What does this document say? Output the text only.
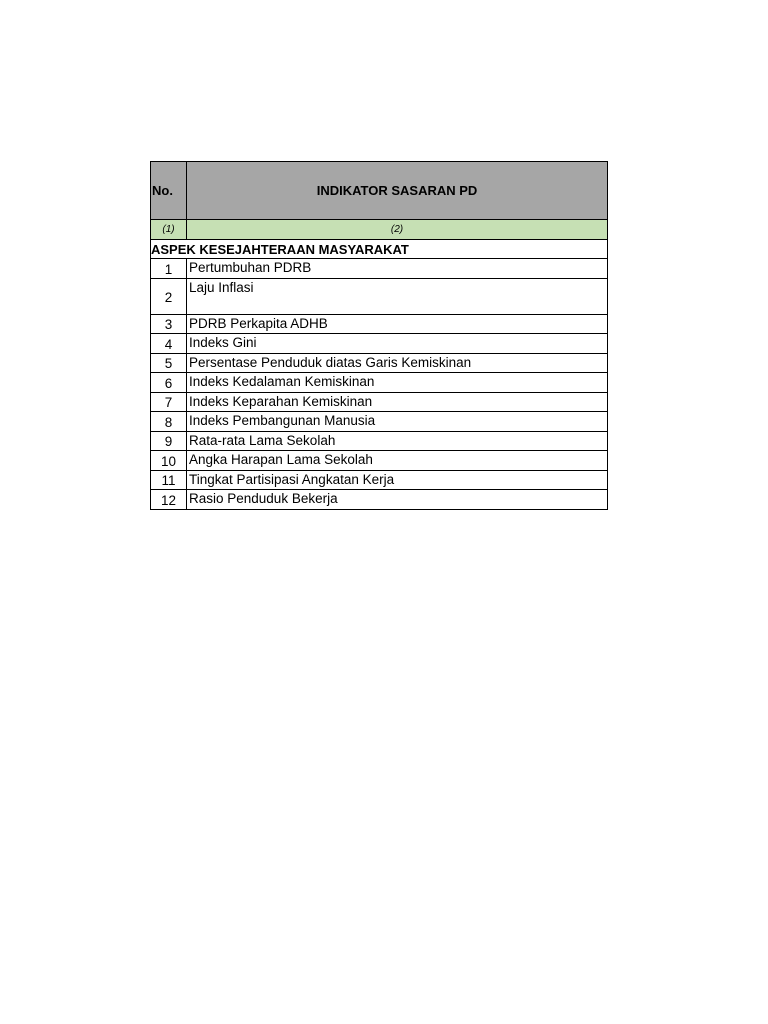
No.	INDIKATOR SASARAN PD
(1)	(2)
ASPEK KESEJAHTERAAN MASYARAKAT	
1	Pertumbuhan PDRB
2	Laju Inflasi
3	PDRB Perkapita ADHB
4	Indeks Gini
5	Persentase Penduduk diatas Garis Kemiskinan
6	Indeks Kedalaman Kemiskinan
7	Indeks Keparahan Kemiskinan
8	Indeks Pembangunan Manusia
9	Rata-rata Lama Sekolah
10	Angka Harapan Lama Sekolah
11	Tingkat Partisipasi Angkatan Kerja
12	Rasio Penduduk Bekerja
